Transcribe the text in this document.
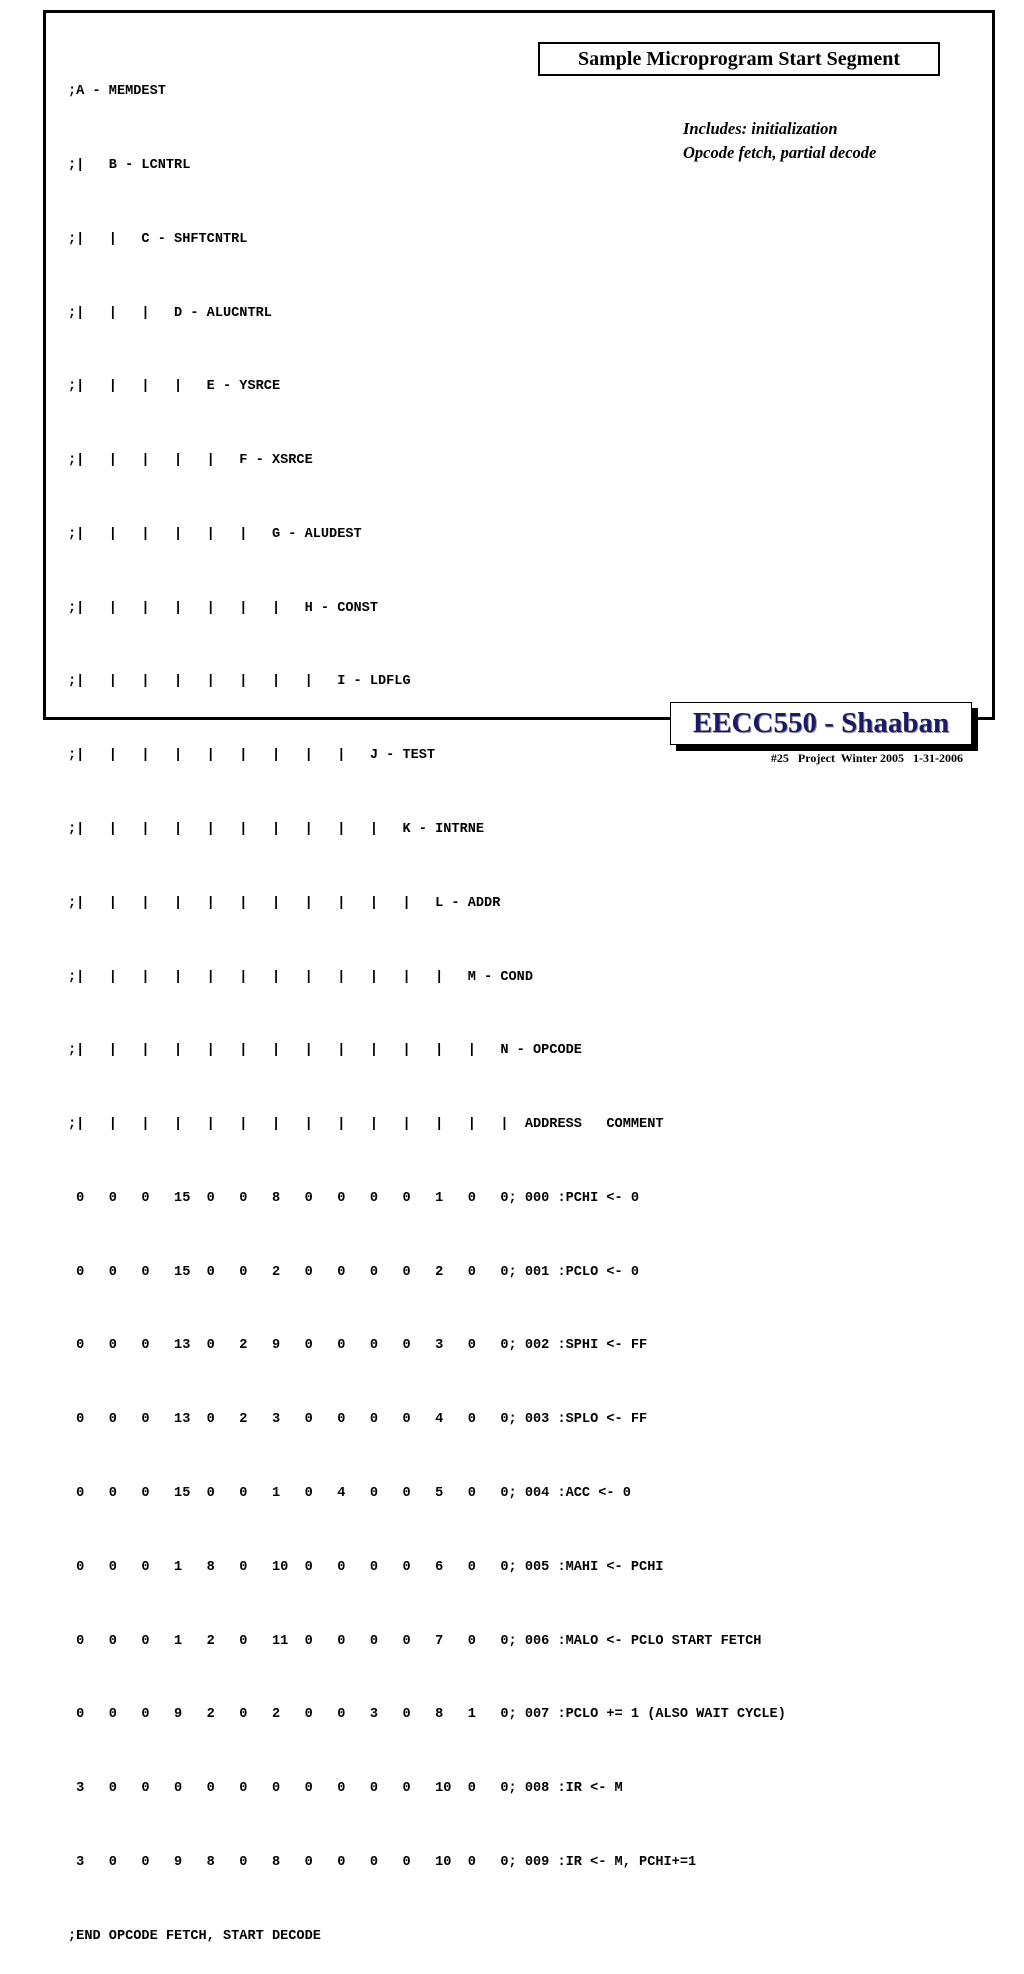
;A - MEMDEST

;|   B - LCNTRL

;|   |   C - SHFTCNTRL

;|   |   |   D - ALUCNTRL

;|   |   |   |   E - YSRCE

;|   |   |   |   |   F - XSRCE

;|   |   |   |   |   |   G - ALUDEST

;|   |   |   |   |   |   |   H - CONST

;|   |   |   |   |   |   |   |   I - LDFLG

;|   |   |   |   |   |   |   |   |   J - TEST

;|   |   |   |   |   |   |   |   |   |   K - INTRNE

;|   |   |   |   |   |   |   |   |   |   |   L - ADDR

;|   |   |   |   |   |   |   |   |   |   |   |   M - COND

;|   |   |   |   |   |   |   |   |   |   |   |   |   N - OPCODE

;|   |   |   |   |   |   |   |   |   |   |   |   |   |  ADDRESS   COMMENT

0   0   0   15  0   0   8   0   0   0   0   1   0   0; 000 :PCHI <- 0

0   0   0   15  0   0   2   0   0   0   0   2   0   0; 001 :PCLO <- 0

0   0   0   13  0   2   9   0   0   0   0   3   0   0; 002 :SPHI <- FF

0   0   0   13  0   2   3   0   0   0   0   4   0   0; 003 :SPLO <- FF

0   0   0   15  0   0   1   0   4   0   0   5   0   0; 004 :ACC <- 0

0   0   0   1   8   0   10  0   0   0   0   6   0   0; 005 :MAHI <- PCHI

0   0   0   1   2   0   11  0   0   0   0   7   0   0; 006 :MALO <- PCLO START FETCH

0   0   0   9   2   0   2   0   0   3   0   8   1   0; 007 :PCLO += 1 (ALSO WAIT CYCLE)

3   0   0   0   0   0   0   0   0   0   0   10  0   0; 008 :IR <- M

3   0   0   9   8   0   8   0   0   0   0   10  0   0; 009 :IR <- M, PCHI+=1

;END OPCODE FETCH, START DECODE

Sample Microprogram Start Segment
Includes: initialization
Opcode fetch, partial decode
EECC550 - Shaaban
#25   Project  Winter 2005   1-31-2006
